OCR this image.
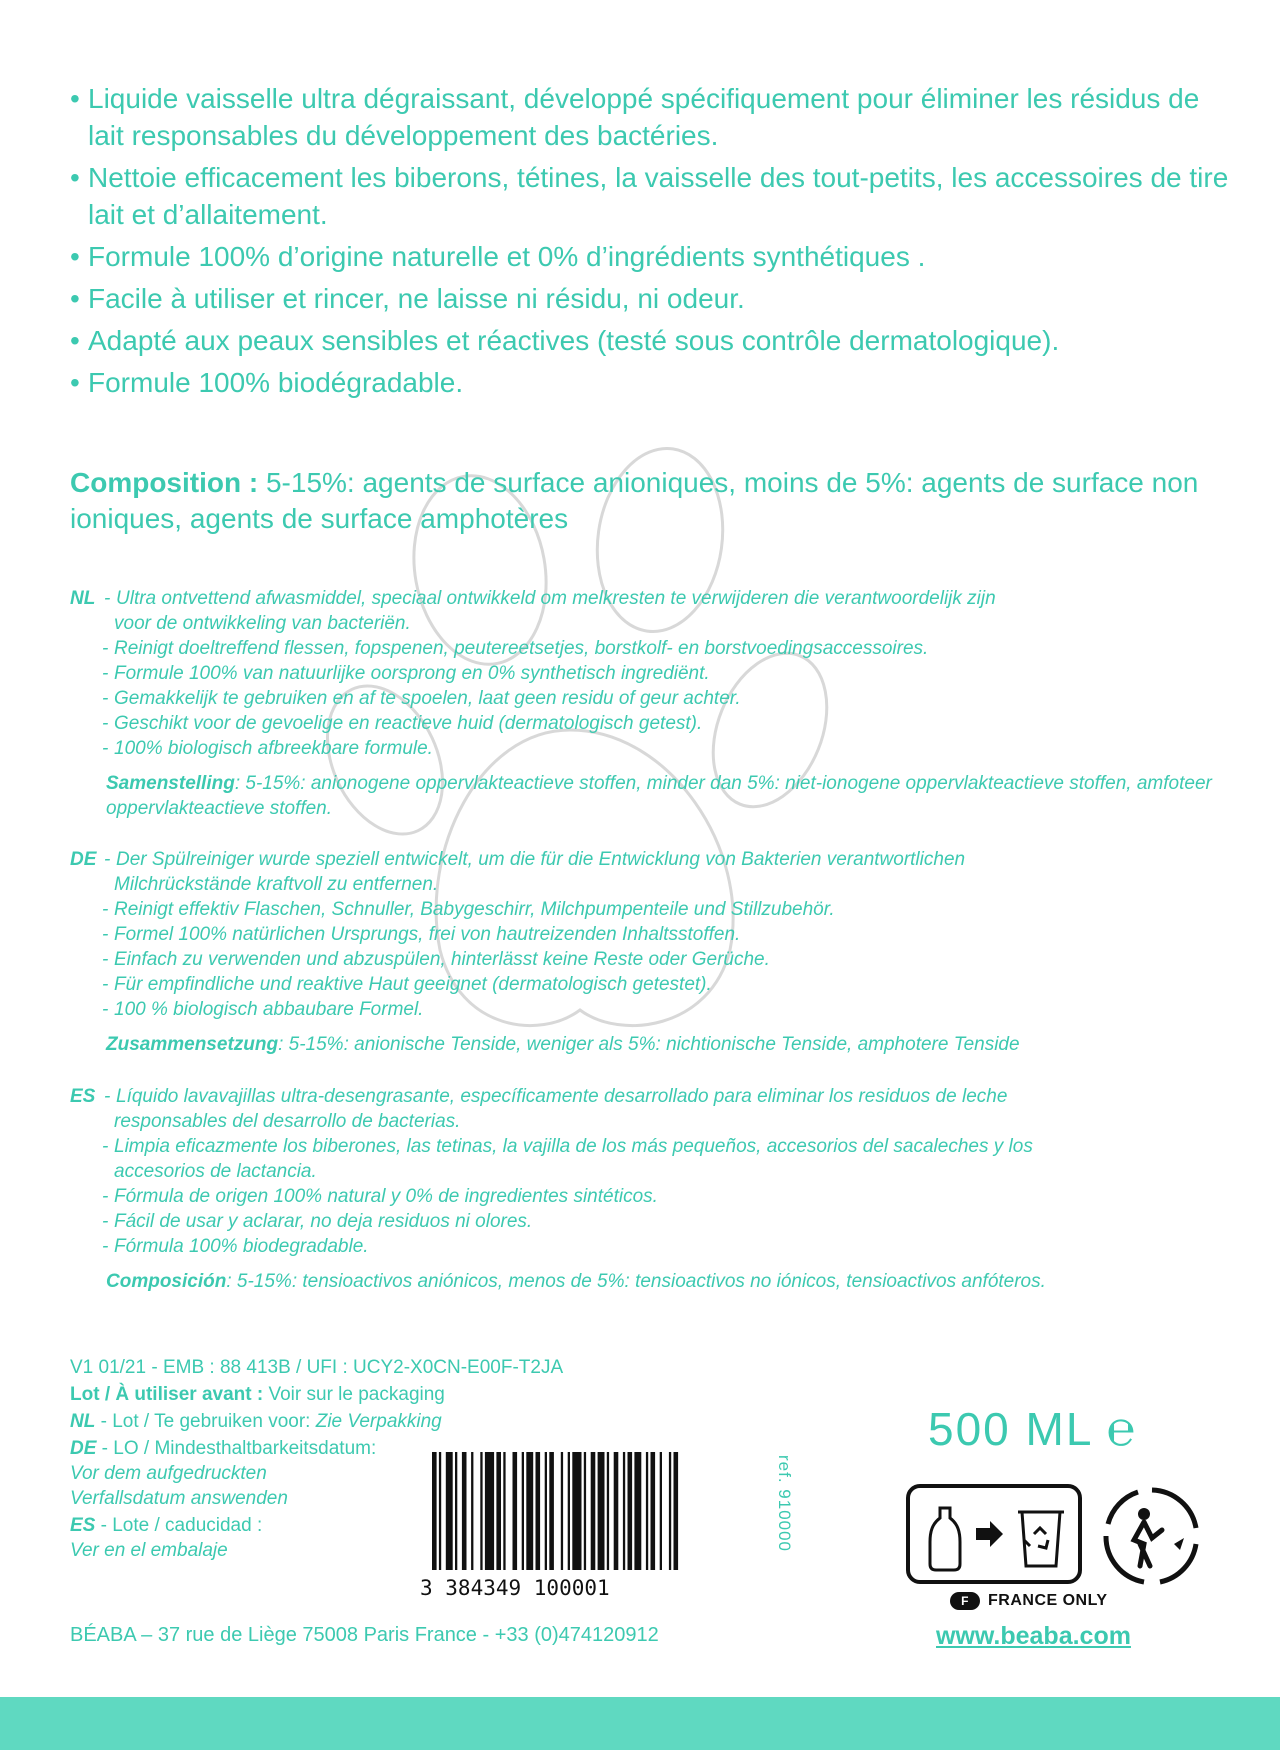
• Liquide vaisselle ultra dégraissant, développé spécifiquement pour éliminer les résidus de lait responsables du développement des bactéries.
• Nettoie efficacement les biberons, tétines, la vaisselle des tout-petits, les accessoires de tire lait et d’allaitement.
• Formule 100% d’origine naturelle et 0% d’ingrédients synthétiques .
• Facile à utiliser et rincer, ne laisse ni résidu, ni odeur.
• Adapté aux peaux sensibles et réactives (testé sous contrôle dermatologique).
• Formule 100% biodégradable.
Composition : 5-15%: agents de surface anioniques, moins de 5%: agents de surface non ioniques, agents de surface amphotères
NL - Ultra ontvettend afwasmiddel, speciaal ontwikkeld om melkresten te verwijderen die verantwoordelijk zijn
voor de ontwikkeling van bacteriën.
- Reinigt doeltreffend flessen, fopspenen, peutereetsetjes, borstkolf- en borstvoedingsaccessoires.
- Formule 100% van natuurlijke oorsprong en 0% synthetisch ingrediënt.
- Gemakkelijk te gebruiken en af te spoelen, laat geen residu of geur achter.
- Geschikt voor de gevoelige en reactieve huid (dermatologisch getest).
- 100% biologisch afbreekbare formule.
Samenstelling: 5-15%: anionogene oppervlakteactieve stoffen, minder dan 5%: niet-ionogene oppervlakteactieve stoffen, amfoteer oppervlakteactieve stoffen.
DE - Der Spülreiniger wurde speziell entwickelt, um die für die Entwicklung von Bakterien verantwortlichen
Milchrückstände kraftvoll zu entfernen.
- Reinigt effektiv Flaschen, Schnuller, Babygeschirr, Milchpumpenteile und Stillzubehör.
- Formel 100% natürlichen Ursprungs, frei von hautreizenden Inhaltsstoffen.
- Einfach zu verwenden und abzuspülen, hinterlässt keine Reste oder Gerüche.
- Für empfindliche und reaktive Haut geeignet (dermatologisch getestet).
- 100 % biologisch abbaubare Formel.
Zusammensetzung: 5-15%: anionische Tenside, weniger als 5%: nichtionische Tenside, amphotere Tenside
ES - Líquido lavavajillas ultra-desengrasante, específicamente desarrollado para eliminar los residuos de leche
responsables del desarrollo de bacterias.
- Limpia eficazmente los biberones, las tetinas, la vajilla de los más pequeños, accesorios del sacaleches y los
accesorios de lactancia.
- Fórmula de origen 100% natural y 0% de ingredientes sintéticos.
- Fácil de usar y aclarar, no deja residuos ni olores.
- Fórmula 100% biodegradable.
Composición: 5-15%: tensioactivos aniónicos, menos de 5%: tensioactivos no iónicos, tensioactivos anfóteros.
V1 01/21 - EMB : 88 413B / UFI : UCY2-X0CN-E00F-T2JA
Lot / À utiliser avant : Voir sur le packaging
NL - Lot / Te gebruiken voor: Zie Verpakking
DE - LO / Mindesthaltbarkeitsdatum:
Vor dem aufgedruckten
Verfallsdatum answenden
ES - Lote / caducidad :
Ver en el embalaje
3 384349 100001
ref. 910000
500 ML ℮
F	FRANCE ONLY
BÉABA – 37 rue de Liège 75008 Paris France - +33 (0)474120912	www.beaba.com
